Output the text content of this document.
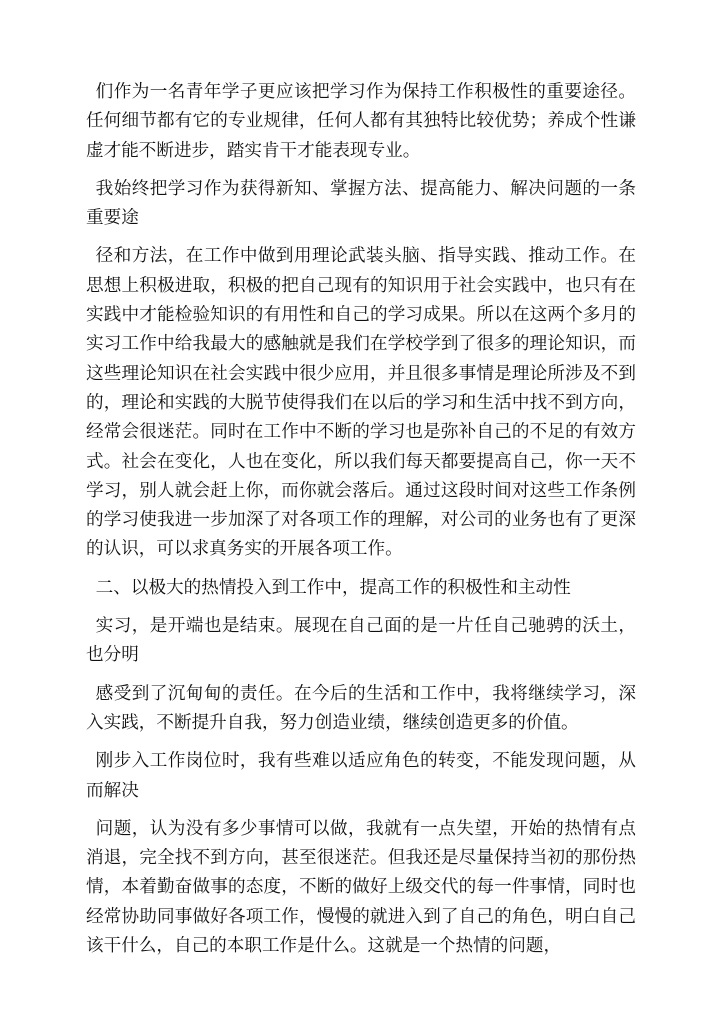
们作为一名青年学子更应该把学习作为保持工作积极性的重要途径。任何细节都有它的专业规律，任何人都有其独特比较优势；养成个性谦虚才能不断进步，踏实肯干才能表现专业。

我始终把学习作为获得新知、掌握方法、提高能力、解决问题的一条重要途

径和方法，在工作中做到用理论武装头脑、指导实践、推动工作。在思想上积极进取，积极的把自己现有的知识用于社会实践中，也只有在实践中才能检验知识的有用性和自己的学习成果。所以在这两个多月的实习工作中给我最大的感触就是我们在学校学到了很多的理论知识，而这些理论知识在社会实践中很少应用，并且很多事情是理论所涉及不到的，理论和实践的大脱节使得我们在以后的学习和生活中找不到方向，经常会很迷茫。同时在工作中不断的学习也是弥补自己的不足的有效方式。社会在变化，人也在变化，所以我们每天都要提高自己，你一天不学习，别人就会赶上你，而你就会落后。通过这段时间对这些工作条例的学习使我进一步加深了对各项工作的理解，对公司的业务也有了更深的认识，可以求真务实的开展各项工作。

二、以极大的热情投入到工作中，提高工作的积极性和主动性

实习，是开端也是结束。展现在自己面的是一片任自己驰骋的沃土，也分明

感受到了沉甸甸的责任。在今后的生活和工作中，我将继续学习，深入实践，不断提升自我，努力创造业绩，继续创造更多的价值。

刚步入工作岗位时，我有些难以适应角色的转变，不能发现问题，从而解决

问题，认为没有多少事情可以做，我就有一点失望，开始的热情有点消退，完全找不到方向，甚至很迷茫。但我还是尽量保持当初的那份热情，本着勤奋做事的态度，不断的做好上级交代的每一件事情，同时也经常协助同事做好各项工作，慢慢的就进入到了自己的角色，明白自己该干什么，自己的本职工作是什么。这就是一个热情的问题，
